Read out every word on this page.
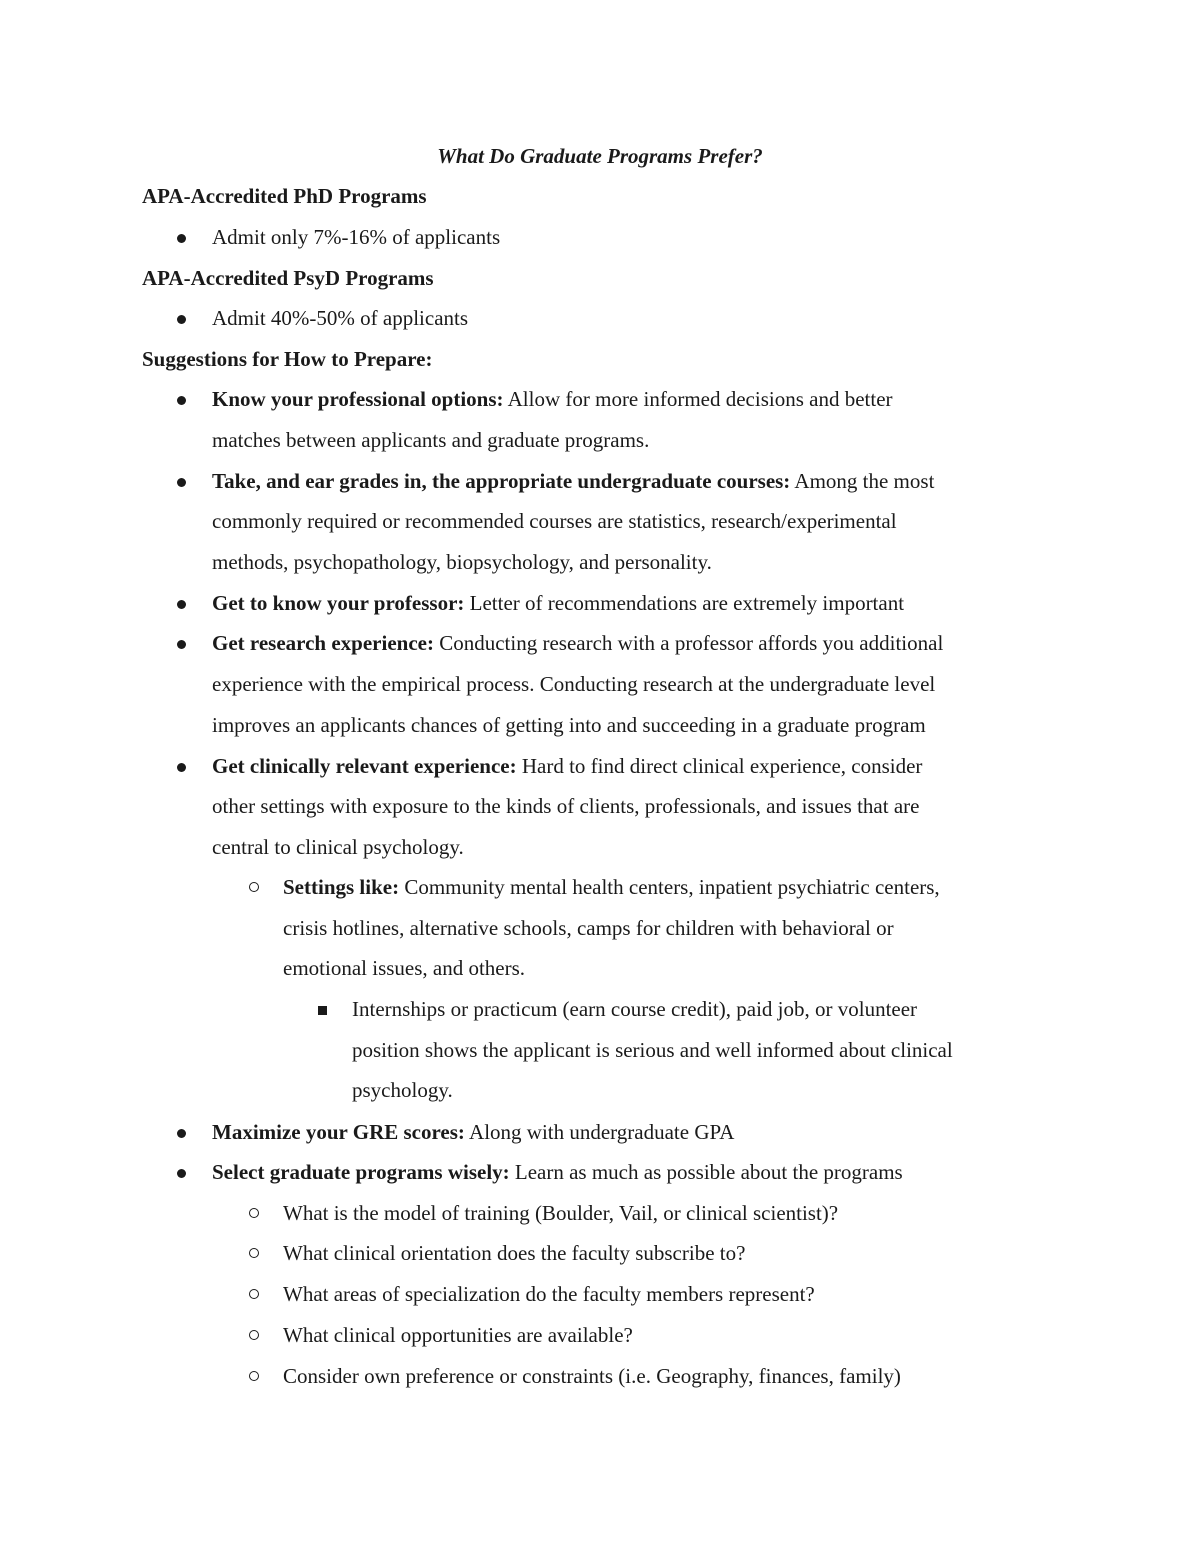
What Do Graduate Programs Prefer?
APA-Accredited PhD Programs
Admit only 7%-16% of applicants
APA-Accredited PsyD Programs
Admit 40%-50% of applicants
Suggestions for How to Prepare:
Know your professional options: Allow for more informed decisions and better
matches between applicants and graduate programs.
Take, and ear grades in, the appropriate undergraduate courses: Among the most
commonly required or recommended courses are statistics, research/experimental
methods, psychopathology, biopsychology, and personality.
Get to know your professor: Letter of recommendations are extremely important
Get research experience: Conducting research with a professor affords you additional
experience with the empirical process. Conducting research at the undergraduate level
improves an applicants chances of getting into and succeeding in a graduate program
Get clinically relevant experience: Hard to find direct clinical experience, consider
other settings with exposure to the kinds of clients, professionals, and issues that are
central to clinical psychology.
Settings like: Community mental health centers, inpatient psychiatric centers,
crisis hotlines, alternative schools, camps for children with behavioral or
emotional issues, and others.
Internships or practicum (earn course credit), paid job, or volunteer
position shows the applicant is serious and well informed about clinical
psychology.
Maximize your GRE scores: Along with undergraduate GPA
Select graduate programs wisely: Learn as much as possible about the programs
What is the model of training (Boulder, Vail, or clinical scientist)?
What clinical orientation does the faculty subscribe to?
What areas of specialization do the faculty members represent?
What clinical opportunities are available?
Consider own preference or constraints (i.e. Geography, finances, family)
